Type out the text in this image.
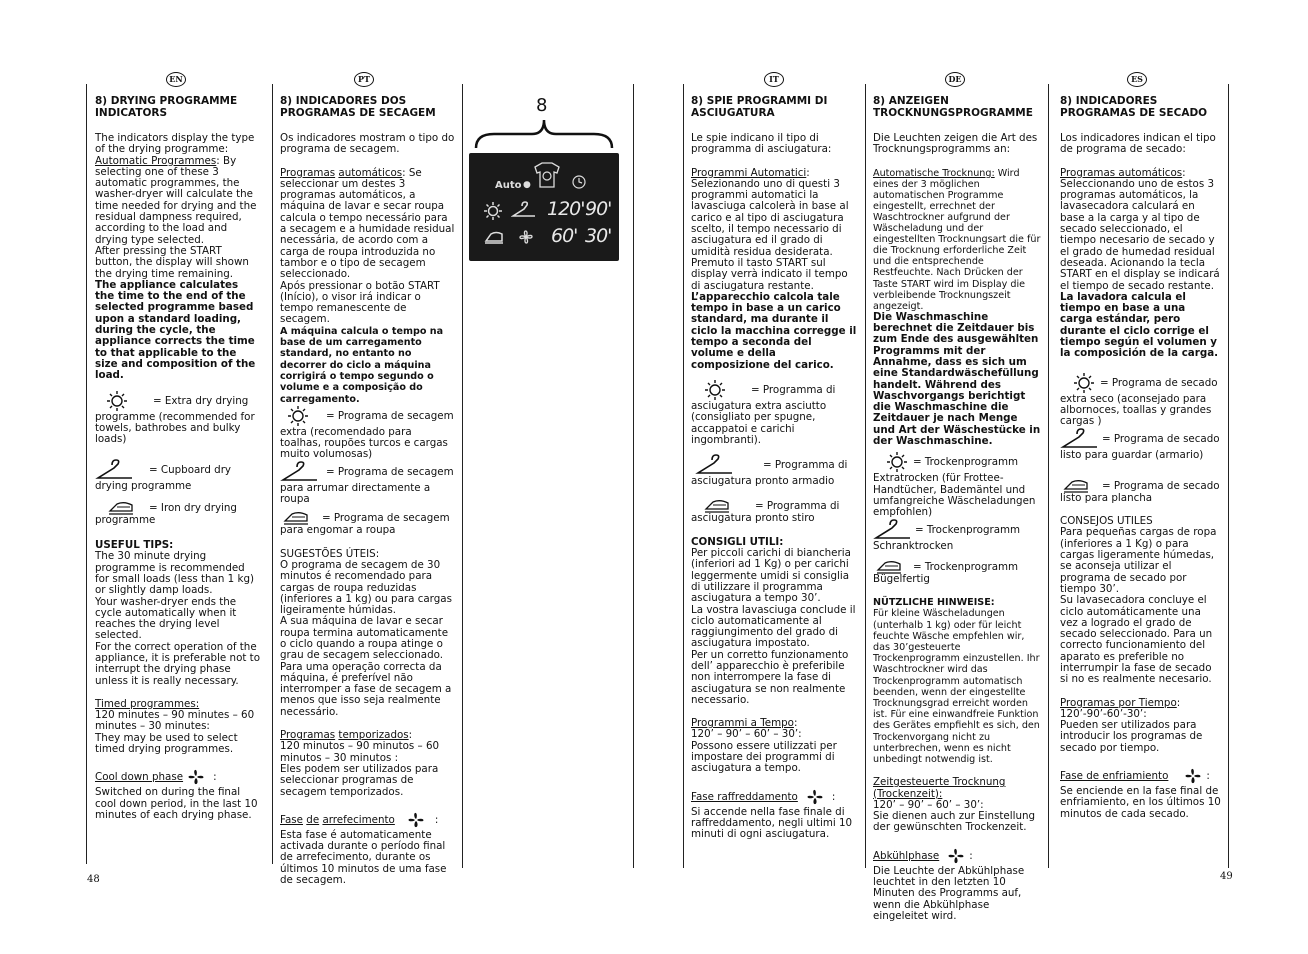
48	49
EN	PT	IT	DE	ES
8
Auto ●
120' 90'
60' 30'
8) DRYING PROGRAMME INDICATORS

The indicators display the type of the drying programme:

Automatic Programmes: By selecting one of these 3 automatic programmes, the washer-dryer will calculate the time needed for drying and the residual dampness required, according to the load and drying type selected.

After pressing the START button, the display will shown the drying time remaining.

The appliance calculates the time to the end of the selected programme based upon a standard loading, during the cycle, the appliance corrects the time to that applicable to the size and composition of the load.

= Extra dry drying programme (recommended for towels, bathrobes and bulky loads)

= Cupboard dry drying programme

= Iron dry drying programme

USEFUL TIPS:

The 30 minute drying programme is recommended for small loads (less than 1 kg) or slightly damp loads.

Your washer-dryer ends the cycle automatically when it reaches the drying level selected.

For the correct operation of the appliance, it is preferable not to interrupt the drying phase unless it is really necessary.

Timed programmes:

120 minutes – 90 minutes – 60 minutes – 30 minutes:

They may be used to select timed drying programmes.

Cool down phase	:

Switched on during the final cool down period, in the last 10 minutes of each drying phase.

8) INDICADORES DOS PROGRAMAS DE SECAGEM

Os indicadores mostram o tipo do programa de secagem.

Programas automáticos: Se seleccionar um destes 3 programas automáticos, a máquina de lavar e secar roupa calcula o tempo necessário para a secagem e a humidade residual necessária, de acordo com a carga de roupa introduzida no tambor e o tipo de secagem seleccionado.

Após pressionar o botão START (Início), o visor irá indicar o tempo remanescente de secagem.

A máquina calcula o tempo na base de um carregamento standard, no entanto no decorrer do ciclo a máquina corrigirá o tempo segundo o volume e a composição do carregamento.

= Programa de secagem extra (recomendado para toalhas, roupões turcos e cargas muito volumosas)

= Programa de secagem para arrumar directamente a roupa

= Programa de secagem para engomar a roupa

SUGESTÕES ÚTEIS:

O programa de secagem de 30 minutos é recomendado para cargas de roupa reduzidas (inferiores a 1 kg) ou para cargas ligeiramente húmidas.

A sua máquina de lavar e secar roupa termina automaticamente o ciclo quando a roupa atinge o grau de secagem seleccionado.

Para uma operação correcta da máquina, é preferível não interromper a fase de secagem a menos que isso seja realmente necessário.

Programas temporizados:

120 minutos – 90 minutos – 60 minutos – 30 minutos :

Eles podem ser utilizados para seleccionar programas de secagem temporizados.

Fase de arrefecimento	:

Esta fase é automaticamente activada durante o período final de arrefecimento, durante os últimos 10 minutos de uma fase de secagem.

8) SPIE PROGRAMMI DI ASCIUGATURA

Le spie indicano il tipo di programma di asciugatura:

Programmi Automatici: Selezionando uno di questi 3 programmi automatici la lavasciuga calcolerà in base al carico e al tipo di asciugatura scelto, il tempo necessario di asciugatura ed il grado di umidità residua desiderata.

Premuto il tasto START sul display verrà indicato il tempo di asciugatura restante.

L’apparecchio calcola tale tempo in base a un carico standard, ma durante il ciclo la macchina corregge il tempo a seconda del volume e della composizione del carico.

= Programma di asciugatura extra asciutto (consigliato per spugne, accappatoi e carichi ingombranti).

= Programma di asciugatura pronto armadio

= Programma di asciugatura pronto stiro

CONSIGLI UTILI:

Per piccoli carichi di biancheria (inferiori ad 1 Kg) o per carichi leggermente umidi si consiglia di utilizzare il programma asciugatura a tempo 30’.

La vostra lavasciuga conclude il ciclo automaticamente al raggiungimento del grado di asciugatura impostato.

Per un corretto funzionamento dell’ apparecchio è preferibile non interrompere la fase di asciugatura se non realmente necessario.

Programmi a Tempo:

120’ – 90’ – 60’ – 30’:

Possono essere utilizzati per impostare dei programmi di asciugatura a tempo.

Fase raffreddamento	:

Si accende nella fase finale di raffreddamento, negli ultimi 10 minuti di ogni asciugatura.

8) ANZEIGEN TROCKNUNGSPROGRAMME

Die Leuchten zeigen die Art des Trocknungsprogramms an:

Automatische Trocknung: Wird eines der 3 möglichen automatischen Programme eingestellt, errechnet der Waschtrockner aufgrund der Wäscheladung und der eingestellten Trocknungsart die für die Trocknung erforderliche Zeit und die entsprechende Restfeuchte. Nach Drücken der Taste START wird im Display die verbleibende Trocknungszeit angezeigt.

Die Waschmaschine berechnet die Zeitdauer bis zum Ende des ausgewählten Programms mit der Annahme, dass es sich um eine Standardwäschefüllung handelt. Während des Waschvorgangs berichtigt die Waschmaschine die Zeitdauer je nach Menge und Art der Wäschestücke in der Waschmaschine.

= Trockenprogramm Extratrocken (für Frottee-Handtücher, Bademäntel und umfangreiche Wäscheladungen empfohlen)

= Trockenprogramm Schranktrocken

= Trockenprogramm Bügelfertig

NÜTZLICHE HINWEISE:

Für kleine Wäscheladungen (unterhalb 1 kg) oder für leicht feuchte Wäsche empfehlen wir, das 30’gesteuerte Trockenprogramm einzustellen. Ihr Waschtrockner wird das Trockenprogramm automatisch beenden, wenn der eingestellte Trocknungsgrad erreicht worden ist. Für eine einwandfreie Funktion des Gerätes empfiehlt es sich, den Trockenvorgang nicht zu unterbrechen, wenn es nicht unbedingt notwendig ist.

Zeitgesteuerte Trocknung (Trockenzeit):

120’ – 90’ – 60’ – 30’:

Sie dienen auch zur Einstellung der gewünschten Trockenzeit.

Abkühlphase	:

Die Leuchte der Abkühlphase leuchtet in den letzten 10 Minuten des Programms auf, wenn die Abkühlphase eingeleitet wird.

8) INDICADORES PROGRAMAS DE SECADO

Los indicadores indican el tipo de programa de secado:

Programas automáticos: Seleccionando uno de estos 3 programas automáticos, la lavasecadora calculará en base a la carga y al tipo de secado seleccionado, el tiempo necesario de secado y el grado de humedad residual deseada. Acionando la tecla START en el display se indicará el tiempo de secado restante.

La lavadora calcula el tiempo en base a una carga estándar, pero durante el ciclo corrige el tiempo según el volumen y la composición de la carga.

= Programa de secado extra seco (aconsejado para albornoces, toallas y grandes cargas )

= Programa de secado listo para guardar (armario)

= Programa de secado listo para plancha

CONSEJOS UTILES

Para pequeñas cargas de ropa (inferiores a 1 Kg) o para cargas ligeramente húmedas, se aconseja utilizar el programa de secado por tiempo 30’.

Su lavasecadora concluye el ciclo automáticamente una vez a logrado el grado de secado seleccionado. Para un correcto funcionamiento del aparato es preferible no interrumpir la fase de secado si no es realmente necesario.

Programas por Tiempo:

120’-90’-60’-30’:

Pueden ser utilizados para introducir los programas de secado por tiempo.

Fase de enfriamiento	:

Se enciende en la fase final de enfriamiento, en los últimos 10 minutos de cada secado.
